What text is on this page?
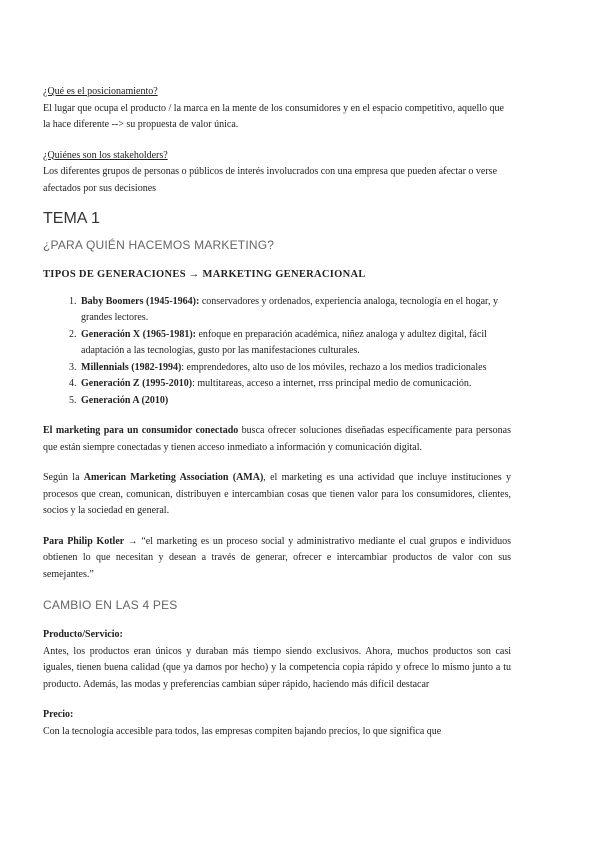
¿Qué es el posicionamiento?
El lugar que ocupa el producto / la marca en la mente de los consumidores y en el espacio competitivo, aquello que la hace diferente --> su propuesta de valor única.
¿Quiénes son los stakeholders?
Los diferentes grupos de personas o públicos de interés involucrados con una empresa que pueden afectar o verse afectados por sus decisiones
TEMA 1
¿PARA QUIÉN HACEMOS MARKETING?
TIPOS DE GENERACIONES → MARKETING GENERACIONAL
1. Baby Boomers (1945-1964): conservadores y ordenados, experiencia analoga, tecnología en el hogar, y grandes lectores.
2. Generación X (1965-1981): enfoque en preparación académica, niñez analoga y adultez digital, fácil adaptación a las tecnologías, gusto por las manifestaciones culturales.
3. Millennials (1982-1994): emprendedores, alto uso de los móviles, rechazo a los medios tradicionales
4. Generación Z (1995-2010): multitareas, acceso a internet, rrss principal medio de comunicación.
5. Generación A (2010)
El marketing para un consumidor conectado busca ofrecer soluciones diseñadas específicamente para personas que están siempre conectadas y tienen acceso inmediato a información y comunicación digital.
Según la American Marketing Association (AMA), el marketing es una actividad que incluye instituciones y procesos que crean, comunican, distribuyen e intercambian cosas que tienen valor para los consumidores, clientes, socios y la sociedad en general.
Para Philip Kotler → “el marketing es un proceso social y administrativo mediante el cual grupos e individuos obtienen lo que necesitan y desean a través de generar, ofrecer e intercambiar productos de valor con sus semejantes.”
CAMBIO EN LAS 4 PES
Producto/Servicio:
Antes, los productos eran únicos y duraban más tiempo siendo exclusivos. Ahora, muchos productos son casi iguales, tienen buena calidad (que ya damos por hecho) y la competencia copia rápido y ofrece lo mismo junto a tu producto. Además, las modas y preferencias cambian súper rápido, haciendo más difícil destacar
Precio:
Con la tecnología accesible para todos, las empresas compiten bajando precios, lo que significa que
